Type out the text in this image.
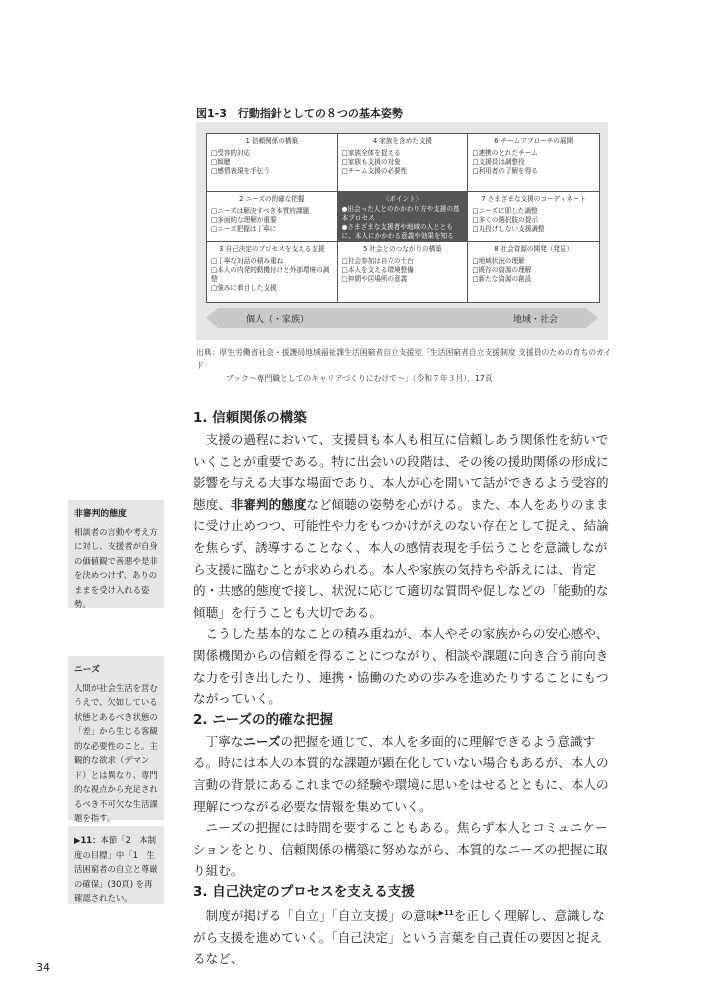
図1-3　行動指針としての８つの基本姿勢
1 信頼関係の構築
□ 受容的対応
□ 傾聴
□ 感情表現を手伝う
4 家族を含めた支援
□ 家族全体を捉える
□ 家族も支援の対象
□ チーム支援の必要性
6 チームアプローチの展開
□ 連携のとれたチーム
□ 支援員は調整役
□ 利用者の了解を得る
2 ニーズの的確な把握
□ ニーズは解決すべき本質的課題
□ 多面的な理解が重要
□ ニーズ把握は丁寧に
〈ポイント〉
●出会った人とのかかわり方や支援の基本プロセス
●さまざまな支援者や地域の人とともに、本人にかかわる意義や効果を知る
7 さまざまな支援のコーディネート
□ ニーズに即した調整
□ 多くの選択肢の提示
□ 丸投げしない支援調整
3 自己決定のプロセスを支える支援
□ 丁寧な対話の積み重ね
□ 本人の内発的動機付けと外部環境の調整
□ 強みに着目した支援
5 社会とのつながりの構築
□ 社会参加は自立の土台
□ 本人を支える環境整備
□ 仲間や居場所の意義
8 社会資源の開発（発見）
□ 地域状況の理解
□ 既存の資源の理解
□ 新たな資源の創設
個人（・家族）	地域・社会
出典：厚生労働省社会・援護局地域福祉課生活困窮者自立支援室「生活困窮者自立支援制度 支援員のための育ちのガイド
ブック〜専門職としてのキャリアづくりにむけて〜」（令和７年３月）、17頁
1. 信頼関係の構築

支援の過程において、支援員も本人も相互に信頼しあう関係性を紡いでいくことが重要である。特に出会いの段階は、その後の援助関係の形成に影響を与える大事な場面であり、本人が心を開いて話ができるよう受容的態度、非審判的態度など傾聴の姿勢を心がける。また、本人をありのままに受け止めつつ、可能性や力をもつかけがえのない存在として捉え、結論を焦らず、誘導することなく、本人の感情表現を手伝うことを意識しながら支援に臨むことが求められる。本人や家族の気持ちや訴えには、肯定的・共感的態度で接し、状況に応じて適切な質問や促しなどの「能動的な傾聴」を行うことも大切である。

こうした基本的なことの積み重ねが、本人やその家族からの安心感や、関係機関からの信頼を得ることにつながり、相談や課題に向き合う前向きな力を引き出したり、連携・協働のための歩みを進めたりすることにもつながっていく。

2. ニーズの的確な把握

丁寧なニーズの把握を通じて、本人を多面的に理解できるよう意識する。時には本人の本質的な課題が顕在化していない場合もあるが、本人の言動の背景にあるこれまでの経験や環境に思いをはせるとともに、本人の理解につながる必要な情報を集めていく。

ニーズの把握には時間を要することもある。焦らず本人とコミュニケーションをとり、信頼関係の構築に努めながら、本質的なニーズの把握に取り組む。

3. 自己決定のプロセスを支える支援

制度が掲げる「自立」「自立支援」の意味$^{▶11}$を正しく理解し、意識しながら支援を進めていく。「自己決定」という言葉を自己責任の要因と捉えるなど、

非審判的態度
相談者の言動や考え方に対し、支援者が自身の価値観で善悪や是非を決めつけず、ありのままを受け入れる姿勢。
ニーズ
人間が社会生活を営むうえで、欠如している状態とあるべき状態の「差」から生じる客観的な必要性のこと。主観的な欲求（デマンド）とは異なり、専門的な視点から充足されるべき不可欠な生活課題を指す。
▶11：本節「2　本制度の目標」中「1　生活困窮者の自立と尊厳の確保」(30頁) を再確認されたい。
34
